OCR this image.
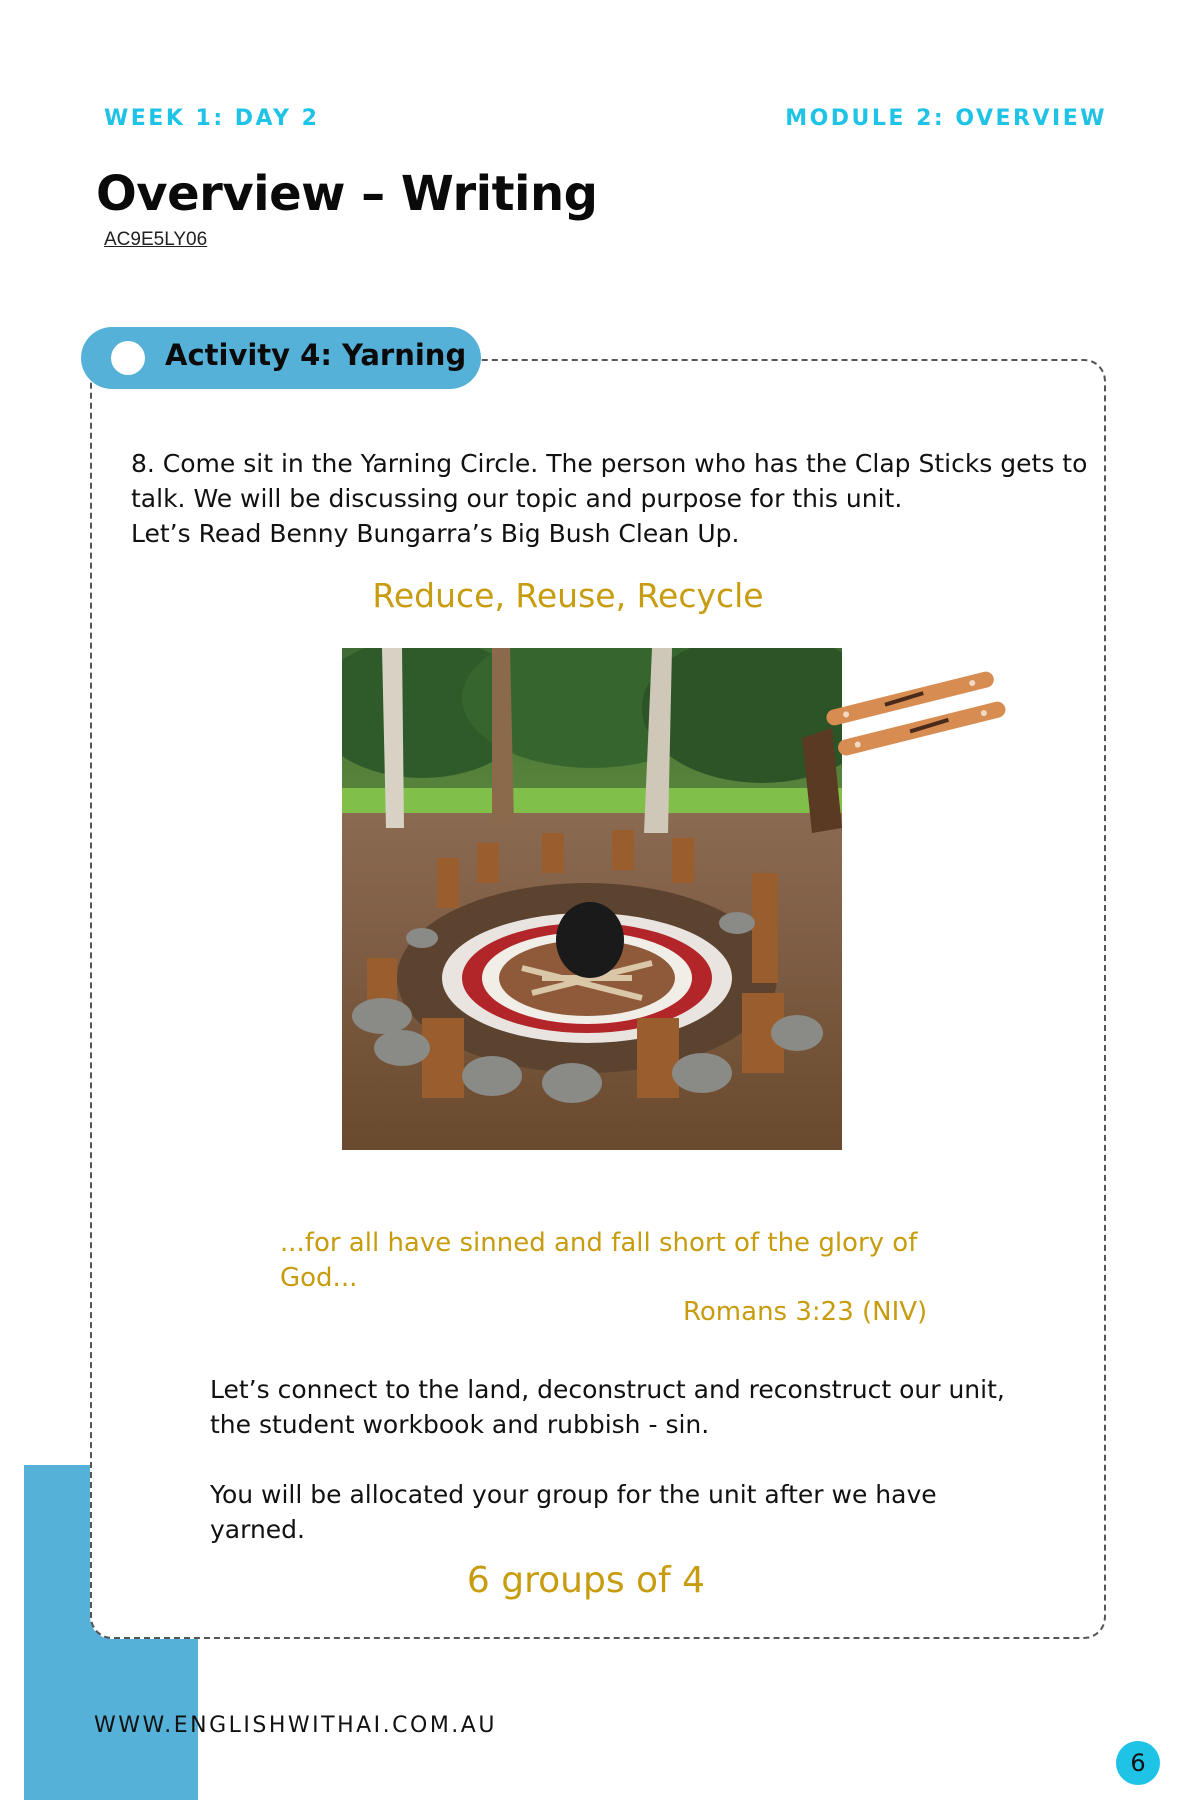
WEEK 1: DAY 2	MODULE 2: OVERVIEW
Overview – Writing
AC9E5LY06
Activity 4: Yarning
8. Come sit in the Yarning Circle. The person who has the Clap Sticks gets to talk. We will be discussing our topic and purpose for this unit.
Let’s Read Benny Bungarra’s Big Bush Clean Up.
Reduce, Reuse, Recycle
...for all have sinned and fall short of the glory of God...
Romans 3:23 (NIV)
Let’s connect to the land, deconstruct and reconstruct our unit, the student workbook and rubbish - sin.
You will be allocated your group for the unit after we have yarned.
6 groups of 4
WWW.ENGLISHWITHAI.COM.AU
6
